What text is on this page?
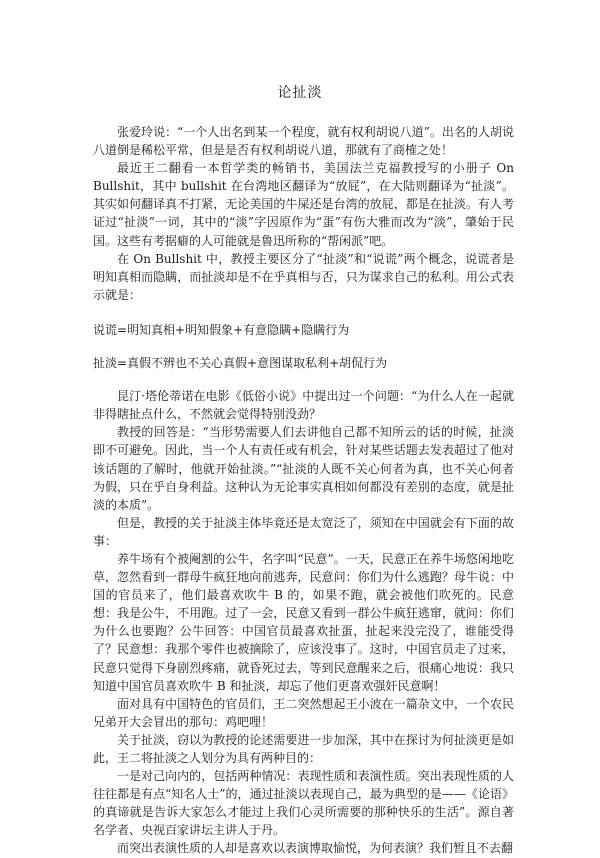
论扯淡

张爱玲说：“一个人出名到某一个程度，就有权利胡说八道”。出名的人胡说八道倒是稀松平常，但是是否有权利胡说八道，那就有了商榷之处！

最近王二翻看一本哲学类的畅销书，美国法兰克福教授写的小册子 On Bullshit，其中 bullshit 在台湾地区翻译为“放屁”，在大陆则翻译为“扯淡”。其实如何翻译真不打紧，无论美国的牛屎还是台湾的放屁，都是在扯淡。有人考证过“扯淡”一词，其中的“淡”字因原作为“蛋”有伤大雅而改为“淡”，肇始于民国。这些有考据癖的人可能就是鲁迅所称的“帮闲派”吧。

在 On Bullshit 中，教授主要区分了“扯淡”和“说谎”两个概念，说谎者是明知真相而隐瞒，而扯淡却是不在乎真相与否，只为谋求自己的私利。用公式表示就是：

说谎=明知真相+明知假象+有意隐瞒+隐瞒行为

扯淡=真假不辨也不关心真假+意图谋取私利+胡侃行为

昆汀·塔伦蒂诺在电影《低俗小说》中提出过一个问题：“为什么人在一起就非得瞎扯点什么，不然就会觉得特别没劲？

教授的回答是：“当形势需要人们去讲他自己都不知所云的话的时候，扯淡即不可避免。因此，当一个人有责任或有机会，针对某些话题去发表超过了他对该话题的了解时，他就开始扯淡。”“扯淡的人既不关心何者为真，也不关心何者为假，只在乎自身利益。这种认为无论事实真相如何都没有差别的态度，就是扯淡的本质”。

但是，教授的关于扯淡主体毕竟还是太宽泛了，须知在中国就会有下面的故事：

养牛场有个被阉割的公牛，名字叫“民意”。一天，民意正在养牛场悠闲地吃草，忽然看到一群母牛疯狂地向前逃奔，民意问：你们为什么逃跑？母牛说：中国的官员来了，他们最喜欢吹牛 B 的，如果不跑，就会被他们吹死的。民意想：我是公牛，不用跑。过了一会，民意又看到一群公牛疯狂逃窜，就问：你们为什么也要跑？公牛回答：中国官员最喜欢扯蛋，扯起来没完没了，谁能受得了？民意想：我那个零件也被摘除了，应该没事了。这时，中国官员走了过来，民意只觉得下身剧烈疼痛，就昏死过去，等到民意醒来之后，很痛心地说：我只知道中国官员喜欢吹牛 B 和扯淡，却忘了他们更喜欢强奸民意啊！

面对具有中国特色的官员们，王二突然想起王小波在一篇杂文中，一个农民兄弟开大会冒出的那句：鸡吧哩！

关于扯淡，窃以为教授的论述需要进一步加深，其中在探讨为何扯淡更是如此，王二将扯淡之人划分为具有两种目的：

一是对己向内的，包括两种情况：表现性质和表演性质。突出表现性质的人往往都是有点“知名人士”的，通过扯淡以表现自己，最为典型的是——《论语》的真谛就是告诉大家怎么才能过上我们心灵所需要的那种快乐的生活”。源自著名学者、央视百家讲坛主讲人于丹。

而突出表演性质的人却是喜欢以表演博取愉悦，为何表演？我们暂且不去翻
